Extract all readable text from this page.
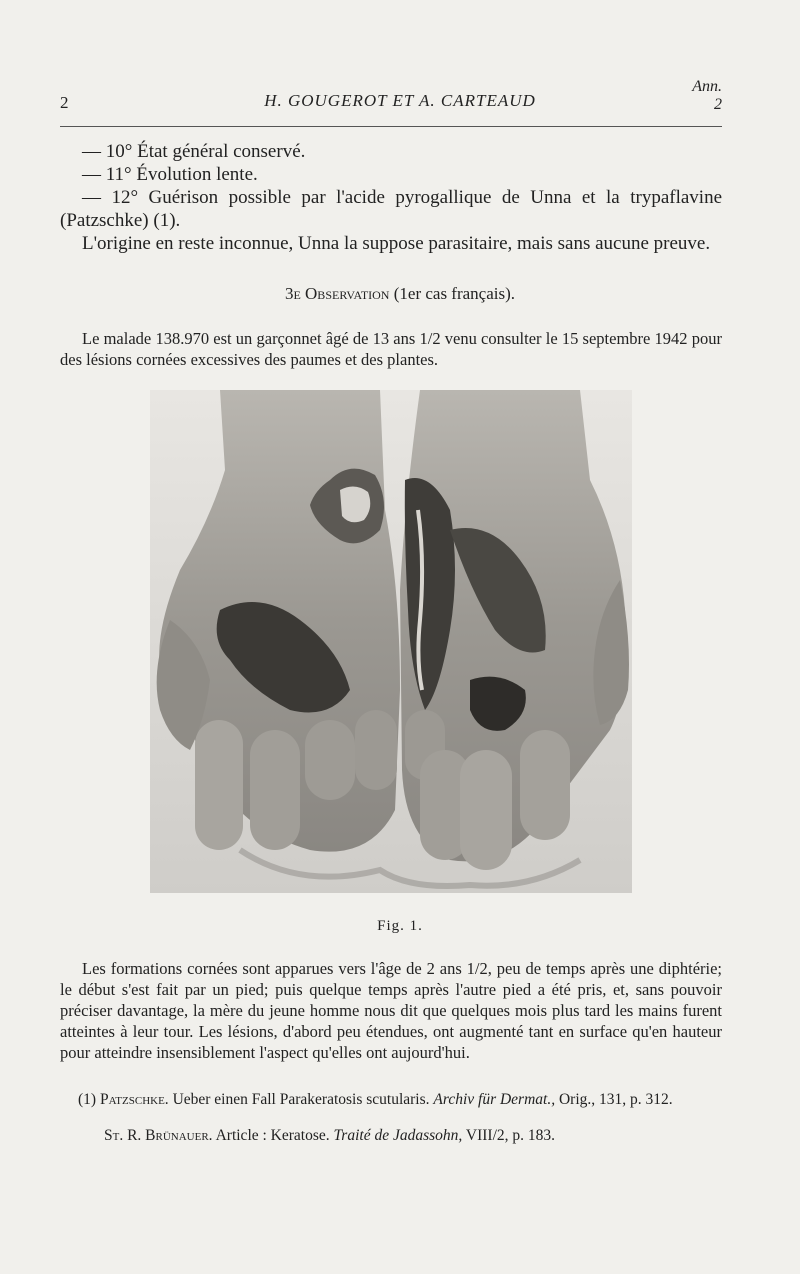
2	H. GOUGEROT ET A. CARTEAUD
Ann.
2
— 10° État général conservé.
— 11° Évolution lente.
— 12° Guérison possible par l'acide pyrogallique de Unna et la trypaflavine (Patzschke) (1).
L'origine en reste inconnue, Unna la suppose parasitaire, mais sans aucune preuve.
3e Observation (1er cas français).
Le malade 138.970 est un garçonnet âgé de 13 ans 1/2 venu consulter le 15 septembre 1942 pour des lésions cornées excessives des paumes et des plantes.
Fig. 1.
Les formations cornées sont apparues vers l'âge de 2 ans 1/2, peu de temps après une diphtérie; le début s'est fait par un pied; puis quelque temps après l'autre pied a été pris, et, sans pouvoir préciser davantage, la mère du jeune homme nous dit que quelques mois plus tard les mains furent atteintes à leur tour. Les lésions, d'abord peu étendues, ont augmenté tant en surface qu'en hauteur pour atteindre insensiblement l'aspect qu'elles ont aujourd'hui.
(1) Patzschke. Ueber einen Fall Parakeratosis scutularis. Archiv für Dermat., Orig., 131, p. 312.
St. R. Brünauer. Article : Keratose. Traité de Jadassohn, VIII/2, p. 183.
